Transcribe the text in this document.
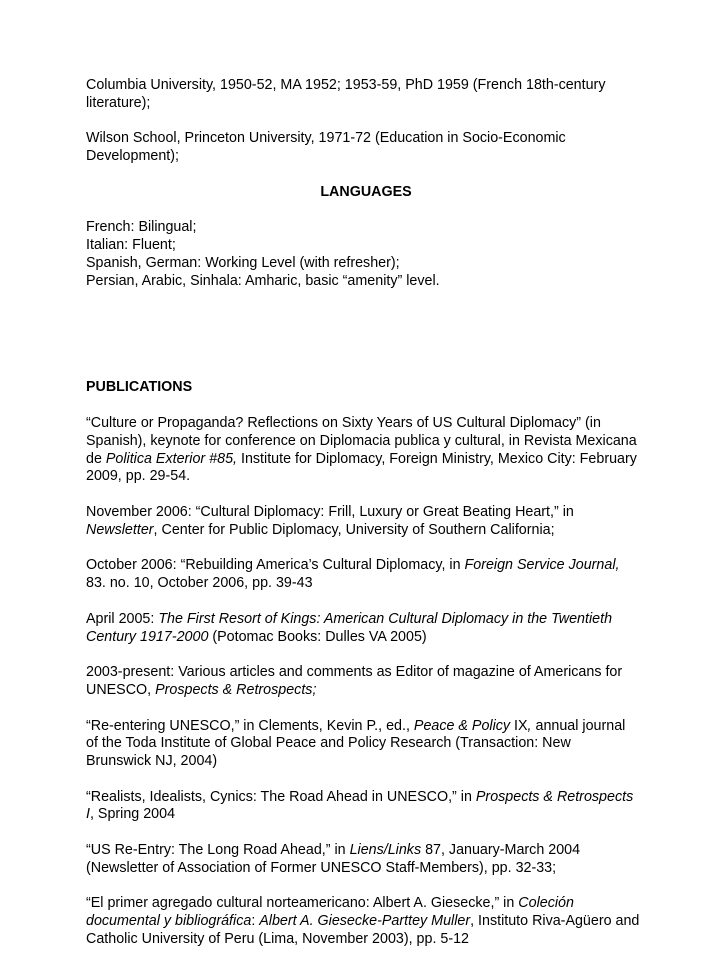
Columbia University, 1950-52, MA 1952; 1953-59, PhD 1959 (French 18th-century
literature);

Wilson School, Princeton University, 1971-72 (Education in Socio-Economic
Development);

LANGUAGES

French: Bilingual;
Italian: Fluent;
Spanish, German: Working Level (with refresher);
Persian, Arabic, Sinhala: Amharic, basic “amenity” level.

PUBLICATIONS

“Culture or Propaganda? Reflections on Sixty Years of US Cultural Diplomacy” (in
Spanish), keynote for conference on Diplomacia publica y cultural, in Revista Mexicana
de Politica Exterior #85, Institute for Diplomacy, Foreign Ministry, Mexico City: February
2009, pp. 29-54.

November 2006: “Cultural Diplomacy: Frill, Luxury or Great Beating Heart,” in
Newsletter, Center for Public Diplomacy, University of Southern California;

October 2006: “Rebuilding America’s Cultural Diplomacy, in Foreign Service Journal,
83. no. 10, October 2006, pp. 39-43

April 2005: The First Resort of Kings: American Cultural Diplomacy in the Twentieth
Century 1917-2000 (Potomac Books: Dulles VA 2005)

2003-present: Various articles and comments as Editor of magazine of Americans for
UNESCO, Prospects & Retrospects;

“Re-entering UNESCO,” in Clements, Kevin P., ed., Peace & Policy IX, annual journal
of the Toda Institute of Global Peace and Policy Research (Transaction: New
Brunswick NJ, 2004)

“Realists, Idealists, Cynics: The Road Ahead in UNESCO,” in Prospects & Retrospects
I, Spring 2004

“US Re-Entry: The Long Road Ahead,” in Liens/Links 87, January-March 2004
(Newsletter of Association of Former UNESCO Staff-Members), pp. 32-33;

“El primer agregado cultural norteamericano: Albert A. Giesecke,” in Coleción
documental y bibliográfica: Albert A. Giesecke-Parttey Muller, Instituto Riva-Agüero and
Catholic University of Peru (Lima, November 2003), pp. 5-12
